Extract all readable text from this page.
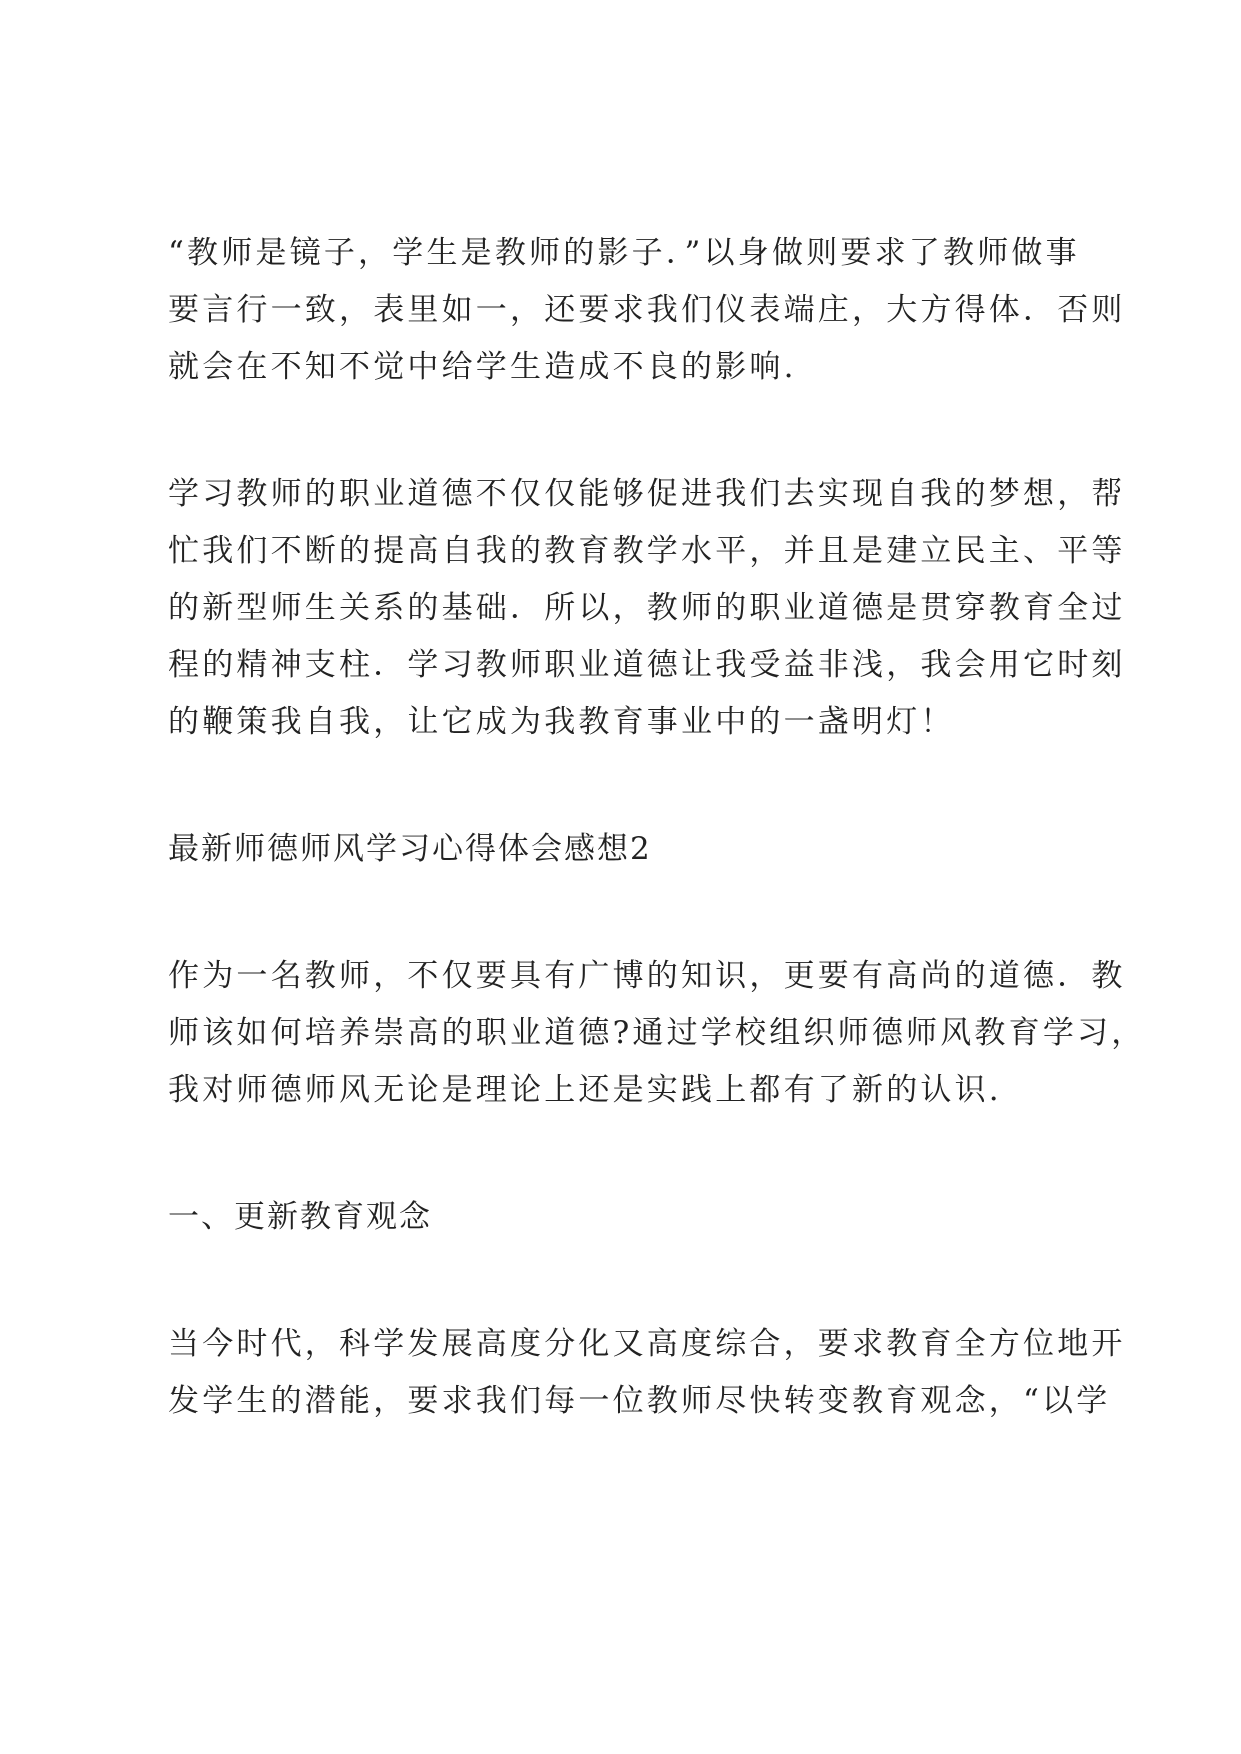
“教师是镜子，学生是教师的影子．”以身做则要求了教师做事
要言行一致，表里如一，还要求我们仪表端庄，大方得体．否则
就会在不知不觉中给学生造成不良的影响.
学习教师的职业道德不仅仅能够促进我们去实现自我的梦想，帮
忙我们不断的提高自我的教育教学水平，并且是建立民主、平等
的新型师生关系的基础．所以，教师的职业道德是贯穿教育全过
程的精神支柱．学习教师职业道德让我受益非浅，我会用它时刻
的鞭策我自我，让它成为我教育事业中的一盏明灯！
最新师德师风学习心得体会感想2
作为一名教师，不仅要具有广博的知识，更要有高尚的道德．教
师该如何培养崇高的职业道德?通过学校组织师德师风教育学习，
我对师德师风无论是理论上还是实践上都有了新的认识.
一、更新教育观念
当今时代，科学发展高度分化又高度综合，要求教育全方位地开
发学生的潜能，要求我们每一位教师尽快转变教育观念，“以学
